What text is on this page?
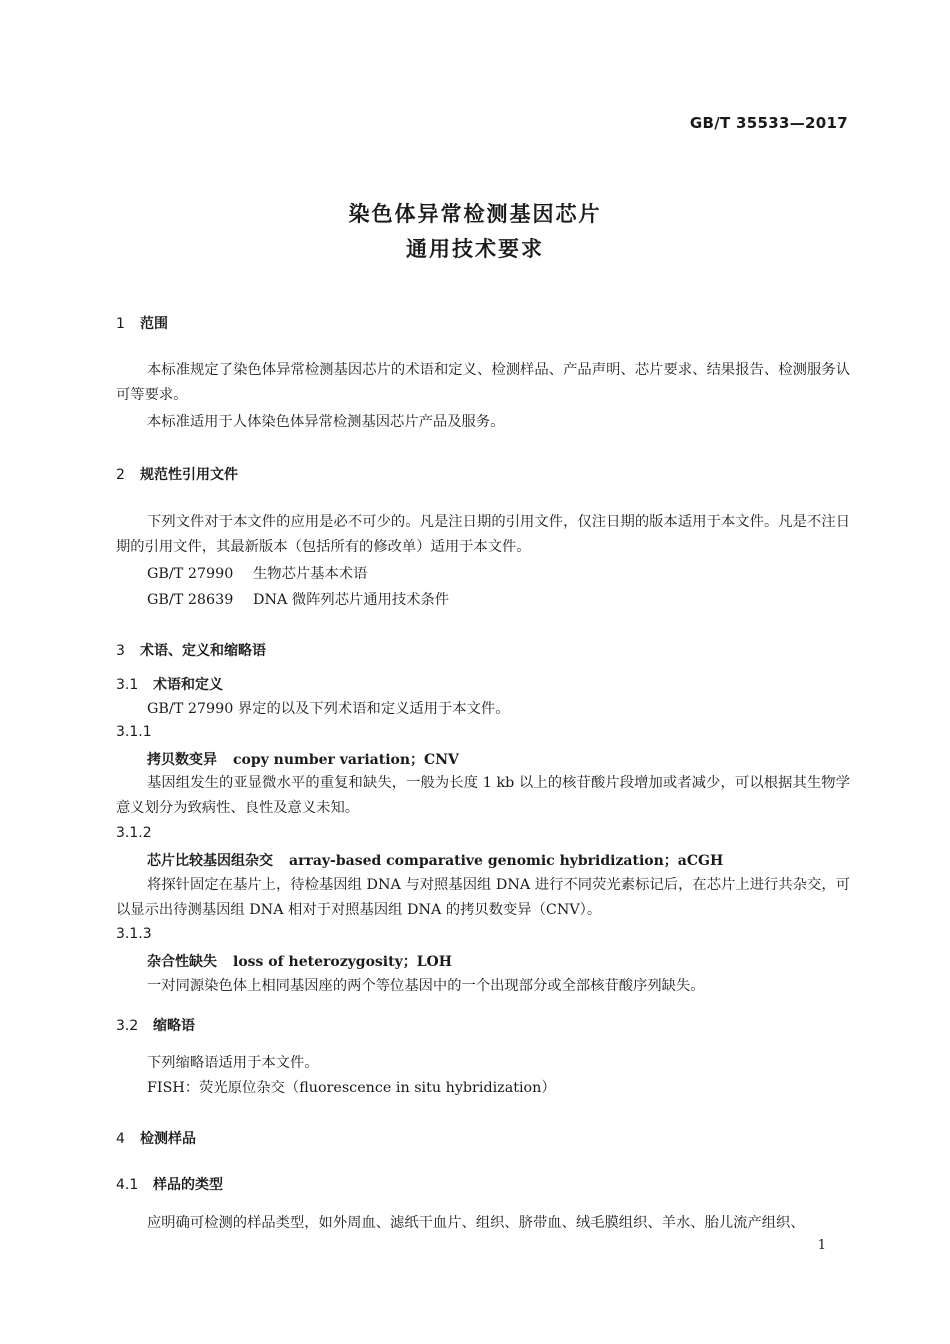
GB/T 35533—2017
染色体异常检测基因芯片
通用技术要求
1 范围
本标准规定了染色体异常检测基因芯片的术语和定义、检测样品、产品声明、芯片要求、结果报告、检测服务认可等要求。
本标准适用于人体染色体异常检测基因芯片产品及服务。
2 规范性引用文件
下列文件对于本文件的应用是必不可少的。凡是注日期的引用文件，仅注日期的版本适用于本文件。凡是不注日期的引用文件，其最新版本（包括所有的修改单）适用于本文件。
GB/T 27990 生物芯片基本术语
GB/T 28639 DNA 微阵列芯片通用技术条件
3 术语、定义和缩略语
3.1 术语和定义
GB/T 27990 界定的以及下列术语和定义适用于本文件。
3.1.1
拷贝数变异 copy number variation；CNV
基因组发生的亚显微水平的重复和缺失，一般为长度 1 kb 以上的核苷酸片段增加或者减少，可以根据其生物学意义划分为致病性、良性及意义未知。
3.1.2
芯片比较基因组杂交 array-based comparative genomic hybridization；aCGH
将探针固定在基片上，待检基因组 DNA 与对照基因组 DNA 进行不同荧光素标记后，在芯片上进行共杂交，可以显示出待测基因组 DNA 相对于对照基因组 DNA 的拷贝数变异（CNV）。
3.1.3
杂合性缺失 loss of heterozygosity；LOH
一对同源染色体上相同基因座的两个等位基因中的一个出现部分或全部核苷酸序列缺失。
3.2 缩略语
下列缩略语适用于本文件。
FISH：荧光原位杂交（fluorescence in situ hybridization）
4 检测样品
4.1 样品的类型
应明确可检测的样品类型，如外周血、滤纸干血片、组织、脐带血、绒毛膜组织、羊水、胎儿流产组织、
1
